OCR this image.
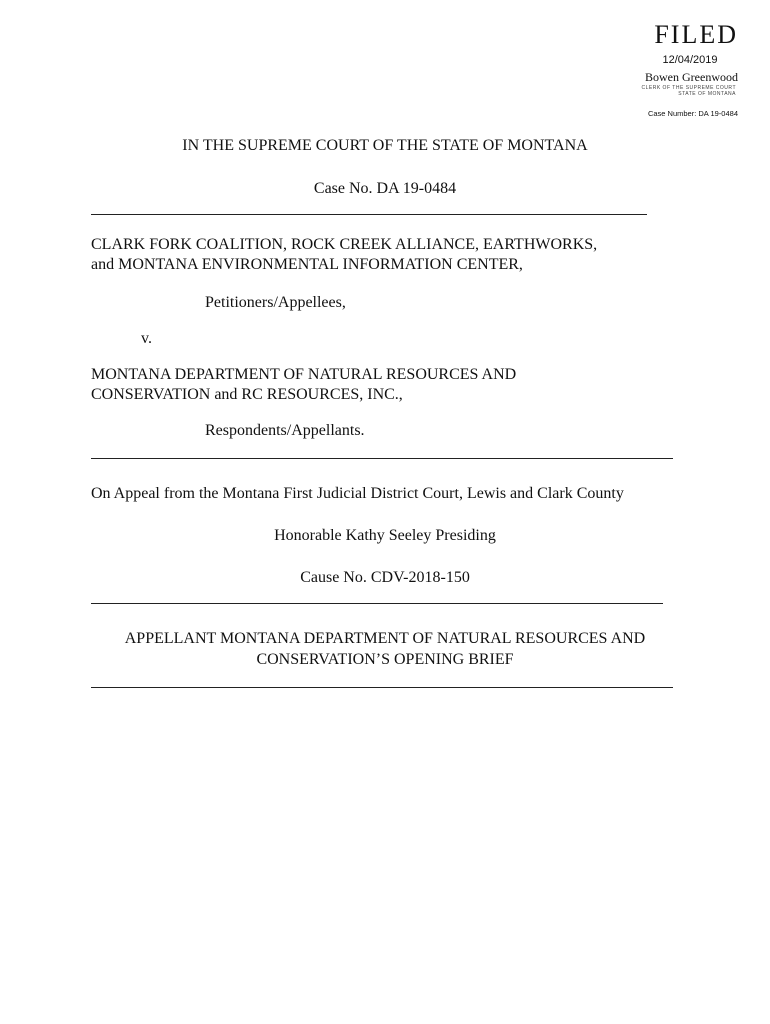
FILED
12/04/2019
Bowen Greenwood
CLERK OF THE SUPREME COURT
STATE OF MONTANA
Case Number: DA 19-0484
IN THE SUPREME COURT OF THE STATE OF MONTANA
Case No. DA 19-0484
CLARK FORK COALITION, ROCK CREEK ALLIANCE, EARTHWORKS,
and MONTANA ENVIRONMENTAL INFORMATION CENTER,
Petitioners/Appellees,
v.
MONTANA DEPARTMENT OF NATURAL RESOURCES AND
CONSERVATION and RC RESOURCES, INC.,
Respondents/Appellants.
On Appeal from the Montana First Judicial District Court, Lewis and Clark County
Honorable Kathy Seeley Presiding
Cause No. CDV-2018-150
APPELLANT MONTANA DEPARTMENT OF NATURAL RESOURCES AND
CONSERVATION’S OPENING BRIEF
